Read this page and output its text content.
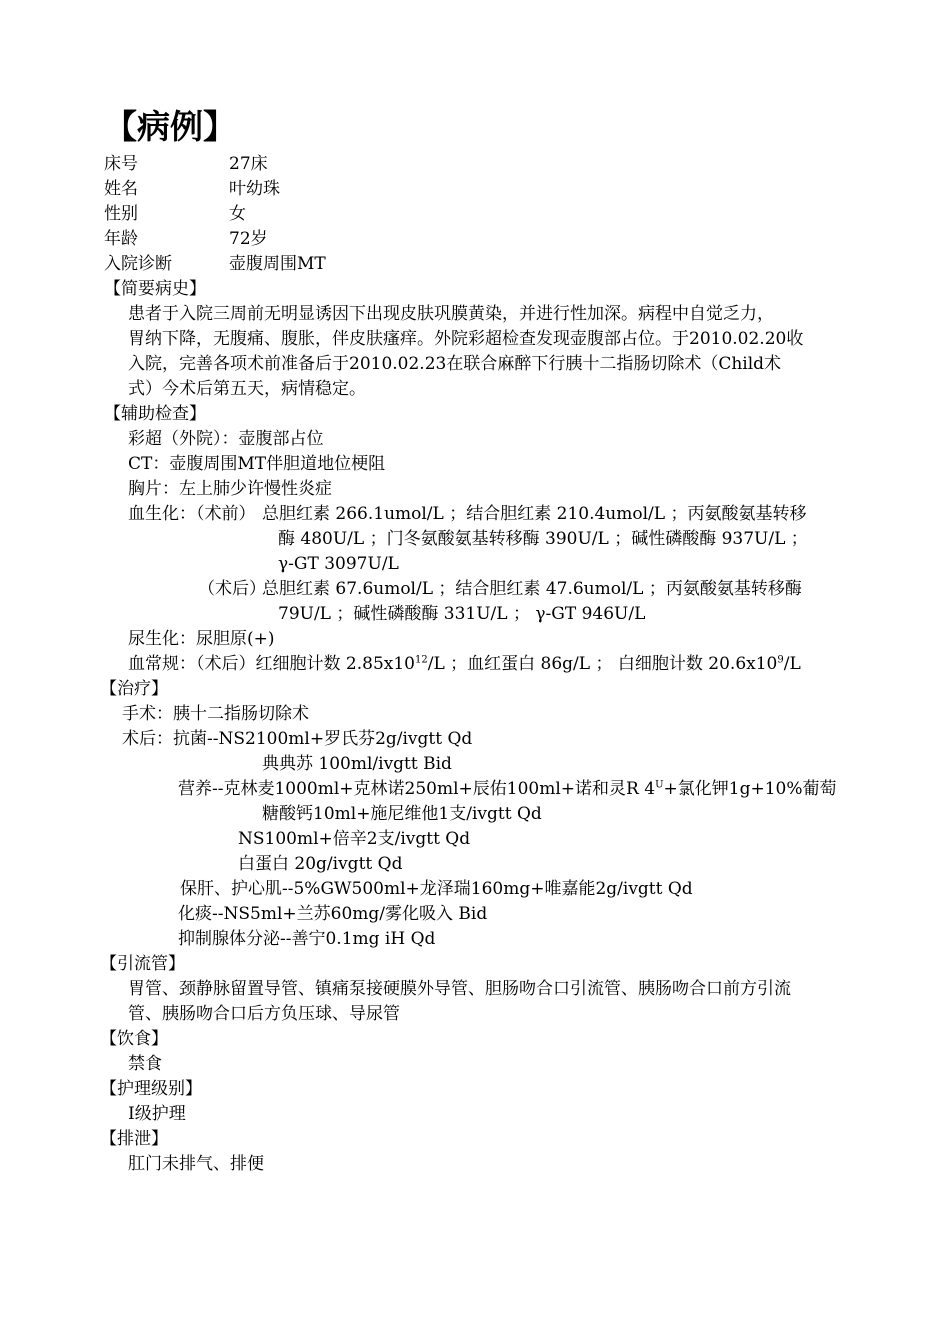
【病例】
床号	27床
姓名	叶幼珠
性别	女
年龄	72岁
入院诊断	壶腹周围MT
【简要病史】
患者于入院三周前无明显诱因下出现皮肤巩膜黄染，并进行性加深。病程中自觉乏力，
胃纳下降，无腹痛、腹胀，伴皮肤瘙痒。外院彩超检查发现壶腹部占位。于2010.02.20收
入院，完善各项术前准备后于2010.02.23在联合麻醉下行胰十二指肠切除术（Child术
式）今术后第五天，病情稳定。
【辅助检查】
彩超（外院）：壶腹部占位
CT：壶腹周围MT伴胆道地位梗阻
胸片：左上肺少许慢性炎症
血生化：（术前） 总胆红素 266.1umol/L ；结合胆红素 210.4umol/L ；丙氨酸氨基转移
酶 480U/L ；门冬氨酸氨基转移酶 390U/L ；碱性磷酸酶 937U/L ；
γ-GT 3097U/L
（术后）
总胆红素 67.6umol/L ；结合胆红素 47.6umol/L ；丙氨酸氨基转移酶
79U/L ；碱性磷酸酶 331U/L ； γ-GT 946U/L
尿生化：尿胆原(+)
血常规：（术后）红细胞计数 $2.85x10^{12}/L$ ；血红蛋白 86g/L ； 白细胞计数 $20.6x10^9/L$
【治疗】
手术：胰十二指肠切除术
术后：抗菌--NS2100ml+罗氏芬2g/ivgtt Qd
典典苏 100ml/ivgtt Bid
营养--克林麦1000ml+克林诺250ml+辰佑100ml+诺和灵R $4^U+$氯化钾1g+10%葡萄
糖酸钙10ml+施尼维他1支/ivgtt Qd
NS100ml+倍辛2支/ivgtt Qd
白蛋白 20g/ivgtt Qd
保肝、护心肌--5%GW500ml+龙泽瑞160mg+唯嘉能2g/ivgtt Qd
化痰--NS5ml+兰苏60mg/雾化吸入 Bid
抑制腺体分泌--善宁0.1mg iH Qd
【引流管】
胃管、颈静脉留置导管、镇痛泵接硬膜外导管、胆肠吻合口引流管、胰肠吻合口前方引流
管、胰肠吻合口后方负压球、导尿管
【饮食】
禁食
【护理级别】
I级护理
【排泄】
肛门未排气、排便
